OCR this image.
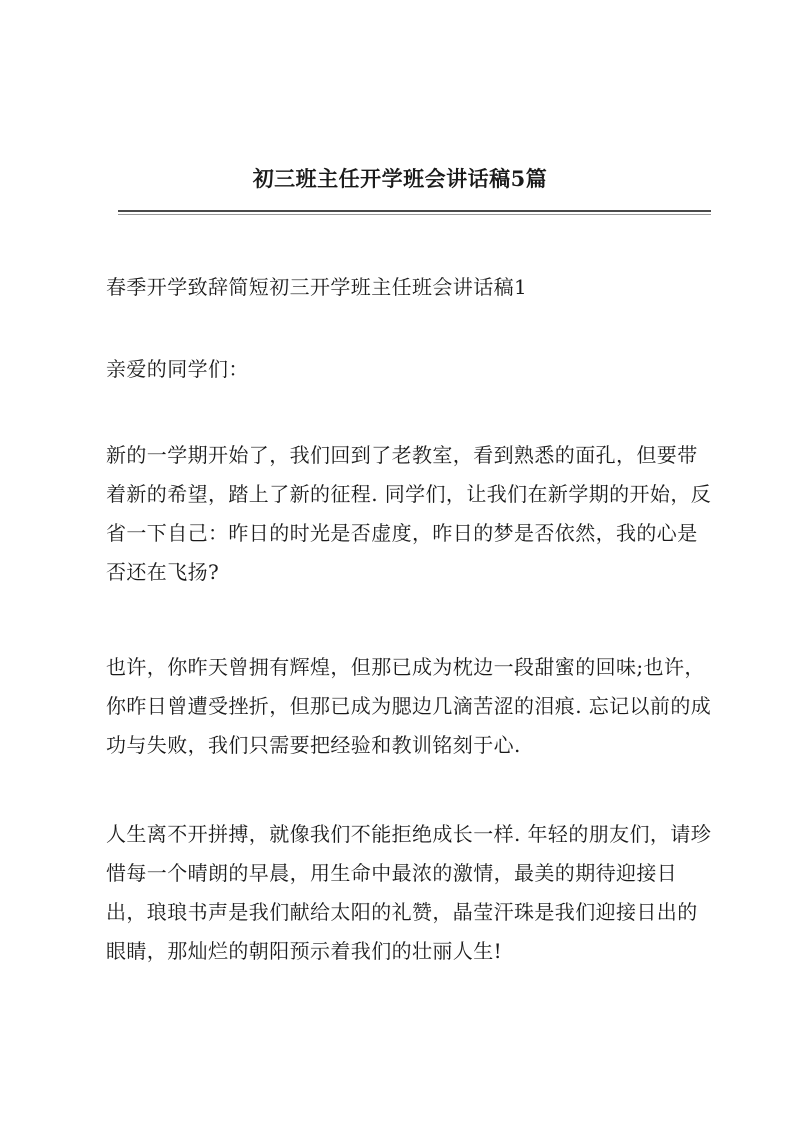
初三班主任开学班会讲话稿5篇

春季开学致辞简短初三开学班主任班会讲话稿1

亲爱的同学们：

新的一学期开始了，我们回到了老教室，看到熟悉的面孔，但要带着新的希望，踏上了新的征程. 同学们，让我们在新学期的开始，反省一下自己：昨日的时光是否虚度，昨日的梦是否依然，我的心是否还在飞扬?

也许，你昨天曾拥有辉煌，但那已成为枕边一段甜蜜的回味;也许，你昨日曾遭受挫折，但那已成为腮边几滴苦涩的泪痕. 忘记以前的成功与失败，我们只需要把经验和教训铭刻于心.

人生离不开拼搏，就像我们不能拒绝成长一样. 年轻的朋友们，请珍惜每一个晴朗的早晨，用生命中最浓的激情，最美的期待迎接日出，琅琅书声是我们献给太阳的礼赞，晶莹汗珠是我们迎接日出的眼睛，那灿烂的朝阳预示着我们的壮丽人生!
